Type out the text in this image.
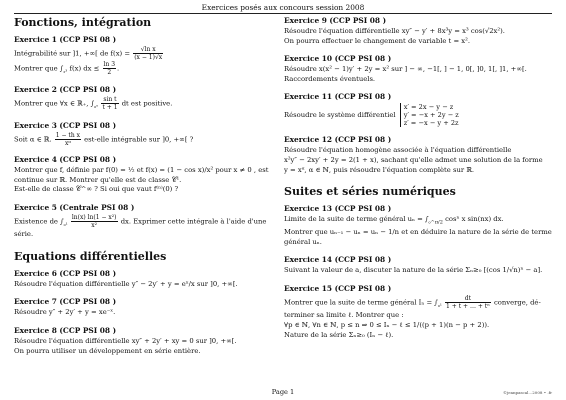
Exercices posés aux concours session 2008
Fonctions, intégration
Exercice 1 (CCP PSI 08 )

Intégrabilité sur ]1, +∞[ de $f(x) = \frac{\text{√ln x}}{(x - 1)√x}$

Montrer que $\int_{_2^3}$ f(x) dx ≤ $\frac{\ln 3}{2}$ .

Exercice 2 (CCP PSI 08 )

Montrer que ∀x ∈ ℝ₊, $\int_{_0ˣ} \frac{\text{sin t}}{t + 1}$ dt est positive.

Exercice 3 (CCP PSI 08 )

Soit α ∈ ℝ. $\frac{\text{1 − th x}}{\text{xᵅ}}$ est-elle intégrable sur ]0, +∞[ ?

Exercice 4 (CCP PSI 08 )

Montrer que f, définie par f(0) = ½ et f(x) = (1 − cos x)/x² pour x ≠ 0 , est

continue sur ℝ. Montrer qu'elle est de classe 𝒞¹.

Est-elle de classe 𝒞^∞ ? Si oui que vaut f⁽ⁿ⁾(0) ?

Exercice 5 (Centrale PSI 08 )

Existence de $\int_{_0^1} \frac{\text{ln(x) ln(1 − x²)}}{\text{x²}}$ dx. Exprimer cette intégrale à l'aide d'une

série.

Equations différentielles
Exercice 6 (CCP PSI 08 )

Résoudre l'équation différentielle y″ − 2y′ + y = eˣ/x sur ]0, +∞[.

Exercice 7 (CCP PSI 08 )

Résoudre y″ + 2y′ + y = xe⁻ˣ.

Exercice 8 (CCP PSI 08 )

Résoudre l'équation différentielle xy″ + 2y′ + xy = 0 sur ]0, +∞[.

On pourra utiliser un développement en série entière.

Exercice 9 (CCP PSI 08 )

Résoudre l'équation différentielle xy″ − y′ + 8x³y = x³ cos(√2x²).

On pourra effectuer le changement de variable t = x².

Exercice 10 (CCP PSI 08 )

Résoudre x(x² − 1)y′ + 2y = x² sur ] − ∞, −1[, ] − 1, 0[, ]0, 1[, ]1, +∞[.

Raccordements éventuels.

Exercice 11 (CCP PSI 08 )

Résoudre le système différentiel
x′ = 2x − y − z
y′ = −x + 2y − z
z′ = −x − y + 2z

Exercice 12 (CCP PSI 08 )

Résoudre l'équation homogène associée à l'équation différentielle

x²y″ − 2xy′ + 2y = 2(1 + x), sachant qu'elle admet une solution de la forme

y = xᵅ, α ∈ ℕ, puis résoudre l'équation complète sur ℝ.

Suites et séries numériques
Exercice 13 (CCP PSI 08 )

Limite de la suite de terme général $u_n = \int_{_0\^{}\pi/2}$ cosⁿ x sin(nx) dx.

Montrer que uₙ₋₁ − uₙ = uₙ − 1/n et en déduire la nature de la série de terme

général uₙ.

Exercice 14 (CCP PSI 08 )

Suivant la valeur de a, discuter la nature de la série Σₙ≥₀ [(cos 1/√n)ⁿ − a].

Exercice 15 (CCP PSI 08 )

Montrer que la suite de terme général $I_n = \int_{_0^1} \frac{dt}{\text{1 + t + … + tⁿ}}$ converge, dé-

terminer sa limite ℓ. Montrer que :

∀p ∈ ℕ, ∀n ∈ ℕ, p ≤ n ⇒ 0 ≤ Iₙ − ℓ ≤ 1/((p + 1)(n − p + 2)).

Nature de la série Σₙ≥₀ (Iₙ − ℓ).

Page 1	©jeanpascal...2008 • .fr
